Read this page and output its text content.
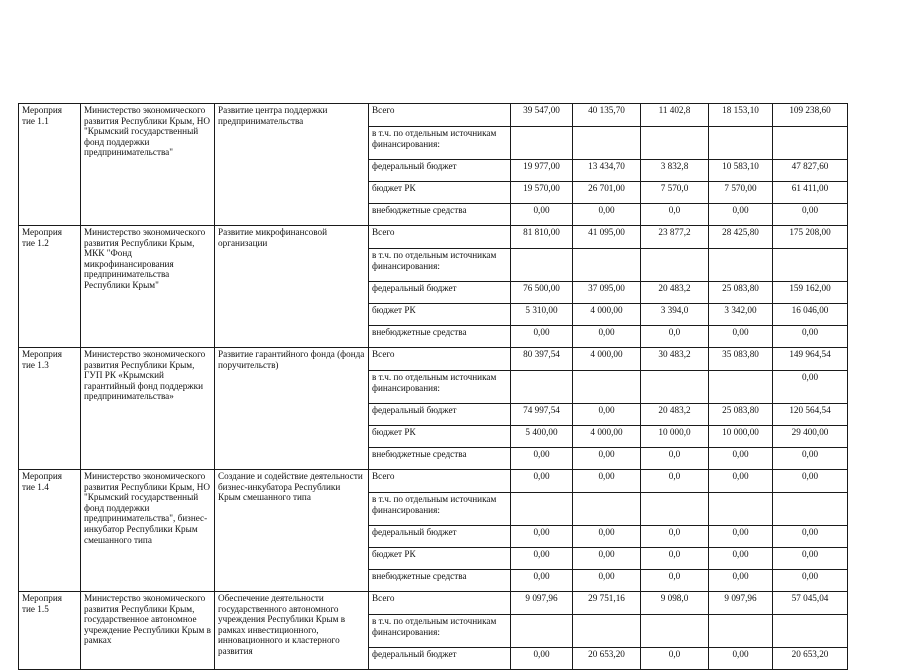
Мероприя тие 1.1	Министерство экономического развития Республики Крым, НО "Крымский государственный фонд поддержки предпринимательства"	Развитие центра поддержки предпринимательства	Всего	39 547,00	40 135,70	11 402,8	18 153,10	109 238,60
			в т.ч. по отдельным источникам финансирования:					
			федеральный бюджет	19 977,00	13 434,70	3 832,8	10 583,10	47 827,60
			бюджет РК	19 570,00	26 701,00	7 570,0	7 570,00	61 411,00
			внебюджетные средства	0,00	0,00	0,0	0,00	0,00
Мероприя тие 1.2	Министерство экономического развития Республики Крым, МКК "Фонд микрофинансирования предпринимательства Республики Крым"	Развитие микрофинансовой организации	Всего	81 810,00	41 095,00	23 877,2	28 425,80	175 208,00
			в т.ч. по отдельным источникам финансирования:					
			федеральный бюджет	76 500,00	37 095,00	20 483,2	25 083,80	159 162,00
			бюджет РК	5 310,00	4 000,00	3 394,0	3 342,00	16 046,00
			внебюджетные средства	0,00	0,00	0,0	0,00	0,00
Мероприя тие 1.3	Министерство экономического развития Республики Крым, ГУП РК «Крымский гарантийный фонд поддержки предпринимательства»	Развитие гарантийного фонда (фонда поручительств)	Всего	80 397,54	4 000,00	30 483,2	35 083,80	149 964,54
			в т.ч. по отдельным источникам финансирования:					0,00
			федеральный бюджет	74 997,54	0,00	20 483,2	25 083,80	120 564,54
			бюджет РК	5 400,00	4 000,00	10 000,0	10 000,00	29 400,00
			внебюджетные средства	0,00	0,00	0,0	0,00	0,00
Мероприя тие 1.4	Министерство экономического развития Республики Крым, НО "Крымский государственный фонд поддержки предпринимательства", бизнес-инкубатор Республики Крым смешанного типа	Создание и содействие деятельности бизнес-инкубатора Республики Крым смешанного типа	Всего	0,00	0,00	0,0	0,00	0,00
			в т.ч. по отдельным источникам финансирования:					
			федеральный бюджет	0,00	0,00	0,0	0,00	0,00
			бюджет РК	0,00	0,00	0,0	0,00	0,00
			внебюджетные средства	0,00	0,00	0,0	0,00	0,00
Мероприя тие 1.5	Министерство экономического развития Республики Крым, государственное автономное учреждение Республики Крым в рамках	Обеспечение деятельности государственного автономного учреждения Республики Крым в рамках инвестиционного, инновационного и кластерного развития	Всего	9 097,96	29 751,16	9 098,0	9 097,96	57 045,04
			в т.ч. по отдельным источникам финансирования:					
			федеральный бюджет	0,00	20 653,20	0,0	0,00	20 653,20
